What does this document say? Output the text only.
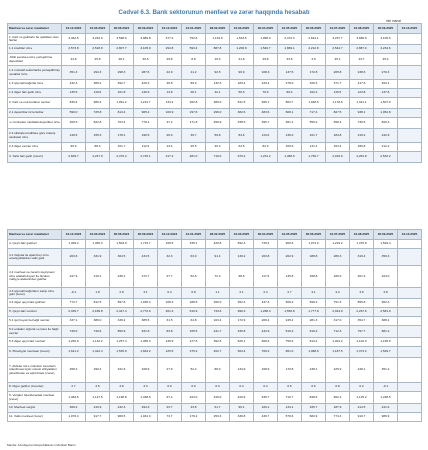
Cədvəl 6.3. Bank sektorunun mənfəət və zərər haqqında hesabatı
mln manat
Mənfəət və zərər maddələri	31.12.2023	31.03.2024	30.06.2024	30.09.2024	31.12.2024	31.01.2025	28.02.2025	31.03.2025	30.04.2025	31.05.2025	30.06.2025	31.07.2025	31.08.2025	30.09.2025	31.10.2025
1. Faiz və gəlirlərin bu qəbildən olan faizlər	3,462.5	3,242.9	3,598.6	3,989.8	377.2	752.6	1,134.9	1,533.5	1,958.0	2,374.3	2,814.1	3,237.7	3,686.8	4,105.6	
1.1 kreditlər üzrə	2,573.8	2,518.8	2,807.7	3,105.9	294.8	593.4	887.8	1,206.8	1,540.7	1,869.1	2,212.8	2,544.7	2,887.0	3,234.6	
-fiziki şəxslərə üzrə yerləşdirmə depozitləri	44.8	25.8	28.1	30.5	29.8	8.8	19.3	21.8	29.8	33.6	3.9	45.1	43.7	45.4	
1.2 müxtəlif sektorlarda yerləşdirilmiş vəsaitlər üzrə	351.3	294.3	298.3	287.6	22.9	41.2	92.5	96.9	108.3	137.5	172.8	205.8	238.6	270.3	
1.3 qiymətli kağızlar üzrə	432.3	389.2	392.7	429.3	46.8	89.9	132.5	183.4	233.4	278.0	326.3	371.7	417.6	463.1	
1.4 digər faiz gəliri üzrə	135.5	119.6	101.8	146.9	14.8	28.1	42.1	56.5	76.6	89.4	102.2	115.5	123.8	137.6	
2. Faiz və ona bərabər xərclər	839.4	986.4	1,091.2	1,214.7	134.2	262.8	389.0	541.5	695.1	863.7	1,028.5	1,178.6	1,341.1	1,507.9	
2.1 depozitlər üzrə faizlər	590.0	725.8	813.4	905.4	100.9	197.6	299.0	382.6	483.6	608.1	717.4	827.5	938.1	1,052.8	
-o cümlədən müddətli depozitlər üzrə	409.5	622.8	703.4	779.4	47.2	171.8	259.9	338.5	395.7	481.1	559.2	658.4	730.5	829.3	
2.2 sifarişlə kreditlərə görə ödəniş vasitələri üzrə	149.5	155.3	178.1	196.5	20.0	39.7	59.8	84.6	113.6	136.0	161.7	184.8	216.2	242.9	
2.3 digər xərclər üzrə	99.9	88.3	101.7	112.9	13.4	25.5	40.3	64.5	82.9	109.6	141.4	164.4	186.8	212.2	
3. Xalis faiz gəliri (zərəri)	2,609.7	2,247.0	2,479.4	2,720.1	217.2	481.0	716.0	970.4	1,231.2	1,486.6	1,769.7	2,019.0	2,281.8	2,532.2	
Mənfəət və zərər maddələri	31.12.2023	31.03.2024	30.06.2024	30.09.2024	31.12.2024	31.01.2025	28.02.2025	31.03.2025	30.04.2025	31.05.2025	30.06.2025	31.07.2025	31.08.2025	30.09.2025	31.10.2025
4. Qeyri-faiz gəlirləri	1,369.2	1,365.3	1,503.9	1,715.7	169.6	335.1	420.8	592.3	745.4	900.6	1,074.0	1,219.2	1,376.8	1,529.4	
4.1 Valyuta ilə aparılmış üzrə əməliyyatlardan xalis gəlir	203.6	331.9	364.5	434.5	32.3	63.0	91.4	130.2	163.8	202.9	188.8	280.3	319.4	359.3	
4.2 mənfəət və zərərin dəyişməsi üzrə ədalətli dəyəri ilə ölçülən maliyyə alətlərindən gəlirlər	247.9	219.1	238.1	272.7	27.7	52.8	72.3	98.6	117.6	135.8	158.8	180.0	201.3	224.0	
4.3 qiymətli kağızların satışı üzrə gəlir (zərər)	-9.1	1.8	2.8	3.1	0.4	0.8	1.1	2.1	2.4	2.7	4.1	4.4	3.6	3.8	
4.4 digər qeyri-faiz gəlirləri	773.7	812.5	897.8	1,035.4	108.2	188.6	256.0	352.4	437.4	509.2	599.2	751.3	855.8	952.3	
5. Qeyri-faiz xərcləri	2,335.7	2,189.8	2,447.4	2,772.6	261.3	510.9	734.6	996.3	1,268.4	1,556.8	1,777.8	2,044.9	2,297.6	2,581.9	
5.1 işçi heyəti ilə bağlı xərclər	337.1	386.0	339.2	385.5	31.5	64.8	103.4	172.9	206.4	245.4	281.3	317.0	354.7	388.2	
5.2 əmlakın sığorta və icarə ilə bağlı xərclər	739.0	749.6	850.9	931.8	83.8	165.5	241.7	336.8	434.9	516.3	619.3	712.3	797.7	881.2	
5.3 digər qeyri-faiz xərcləri	1,262.0	1,132.2	1,257.4	1,455.3	145.9	277.6	392.5	525.1	606.6	750.6	813.2	1,001.2	1,102.9	1,195.9	
6. Əməliyyat mənfəəti (zərəri)	1,641.2	1,422.4	1,535.9	1,663.2	125.5	275.2	402.7	564.4	708.2	861.0	1,088.9	1,187.5	1,373.2	1,529.7	
7. Aktivlər üzrə mümkün zərərlərin ödənilməsi üçün xüsusi ehtiyatların yaradılması və aprıtılması (zərər)	258.3	290.4	341.6	328.9	27.9	52.2	88.0	134.9	168.9	170.8	238.1	225.9	248.1	351.2	
8. Digər gəlirlər (zərərlər)	2.7	4.5	4.8	4.3	0.0	0.0	0.3	0.4	0.4	0.5	0.6	0.8	0.2	-0.1	
9. Vergiler ödənilənədək mənfəət (zərər)	1,384.6	1,127.5	1,198.8	1,338.6	97.4	223.0	315.0	429.9	539.7	710.7	848.6	962.2	1,125.2	1,228.5	
10. Mənfəət vergisi	308.2	210.9	232.3	294.3	23.7	43.8	61.7	90.1	109.1	134.1	165.7	187.9	214.5	241.6	
11. Xalis mənfəət (zərər)	1,076.4	917.7	966.5	1,044.3	73.7	179.2	253.3	339.8	430.7	576.6	682.9	774.3	910.7	986.9	
Mənbə: Azərbaycan Respublikasının Mərkəzi Bankı
